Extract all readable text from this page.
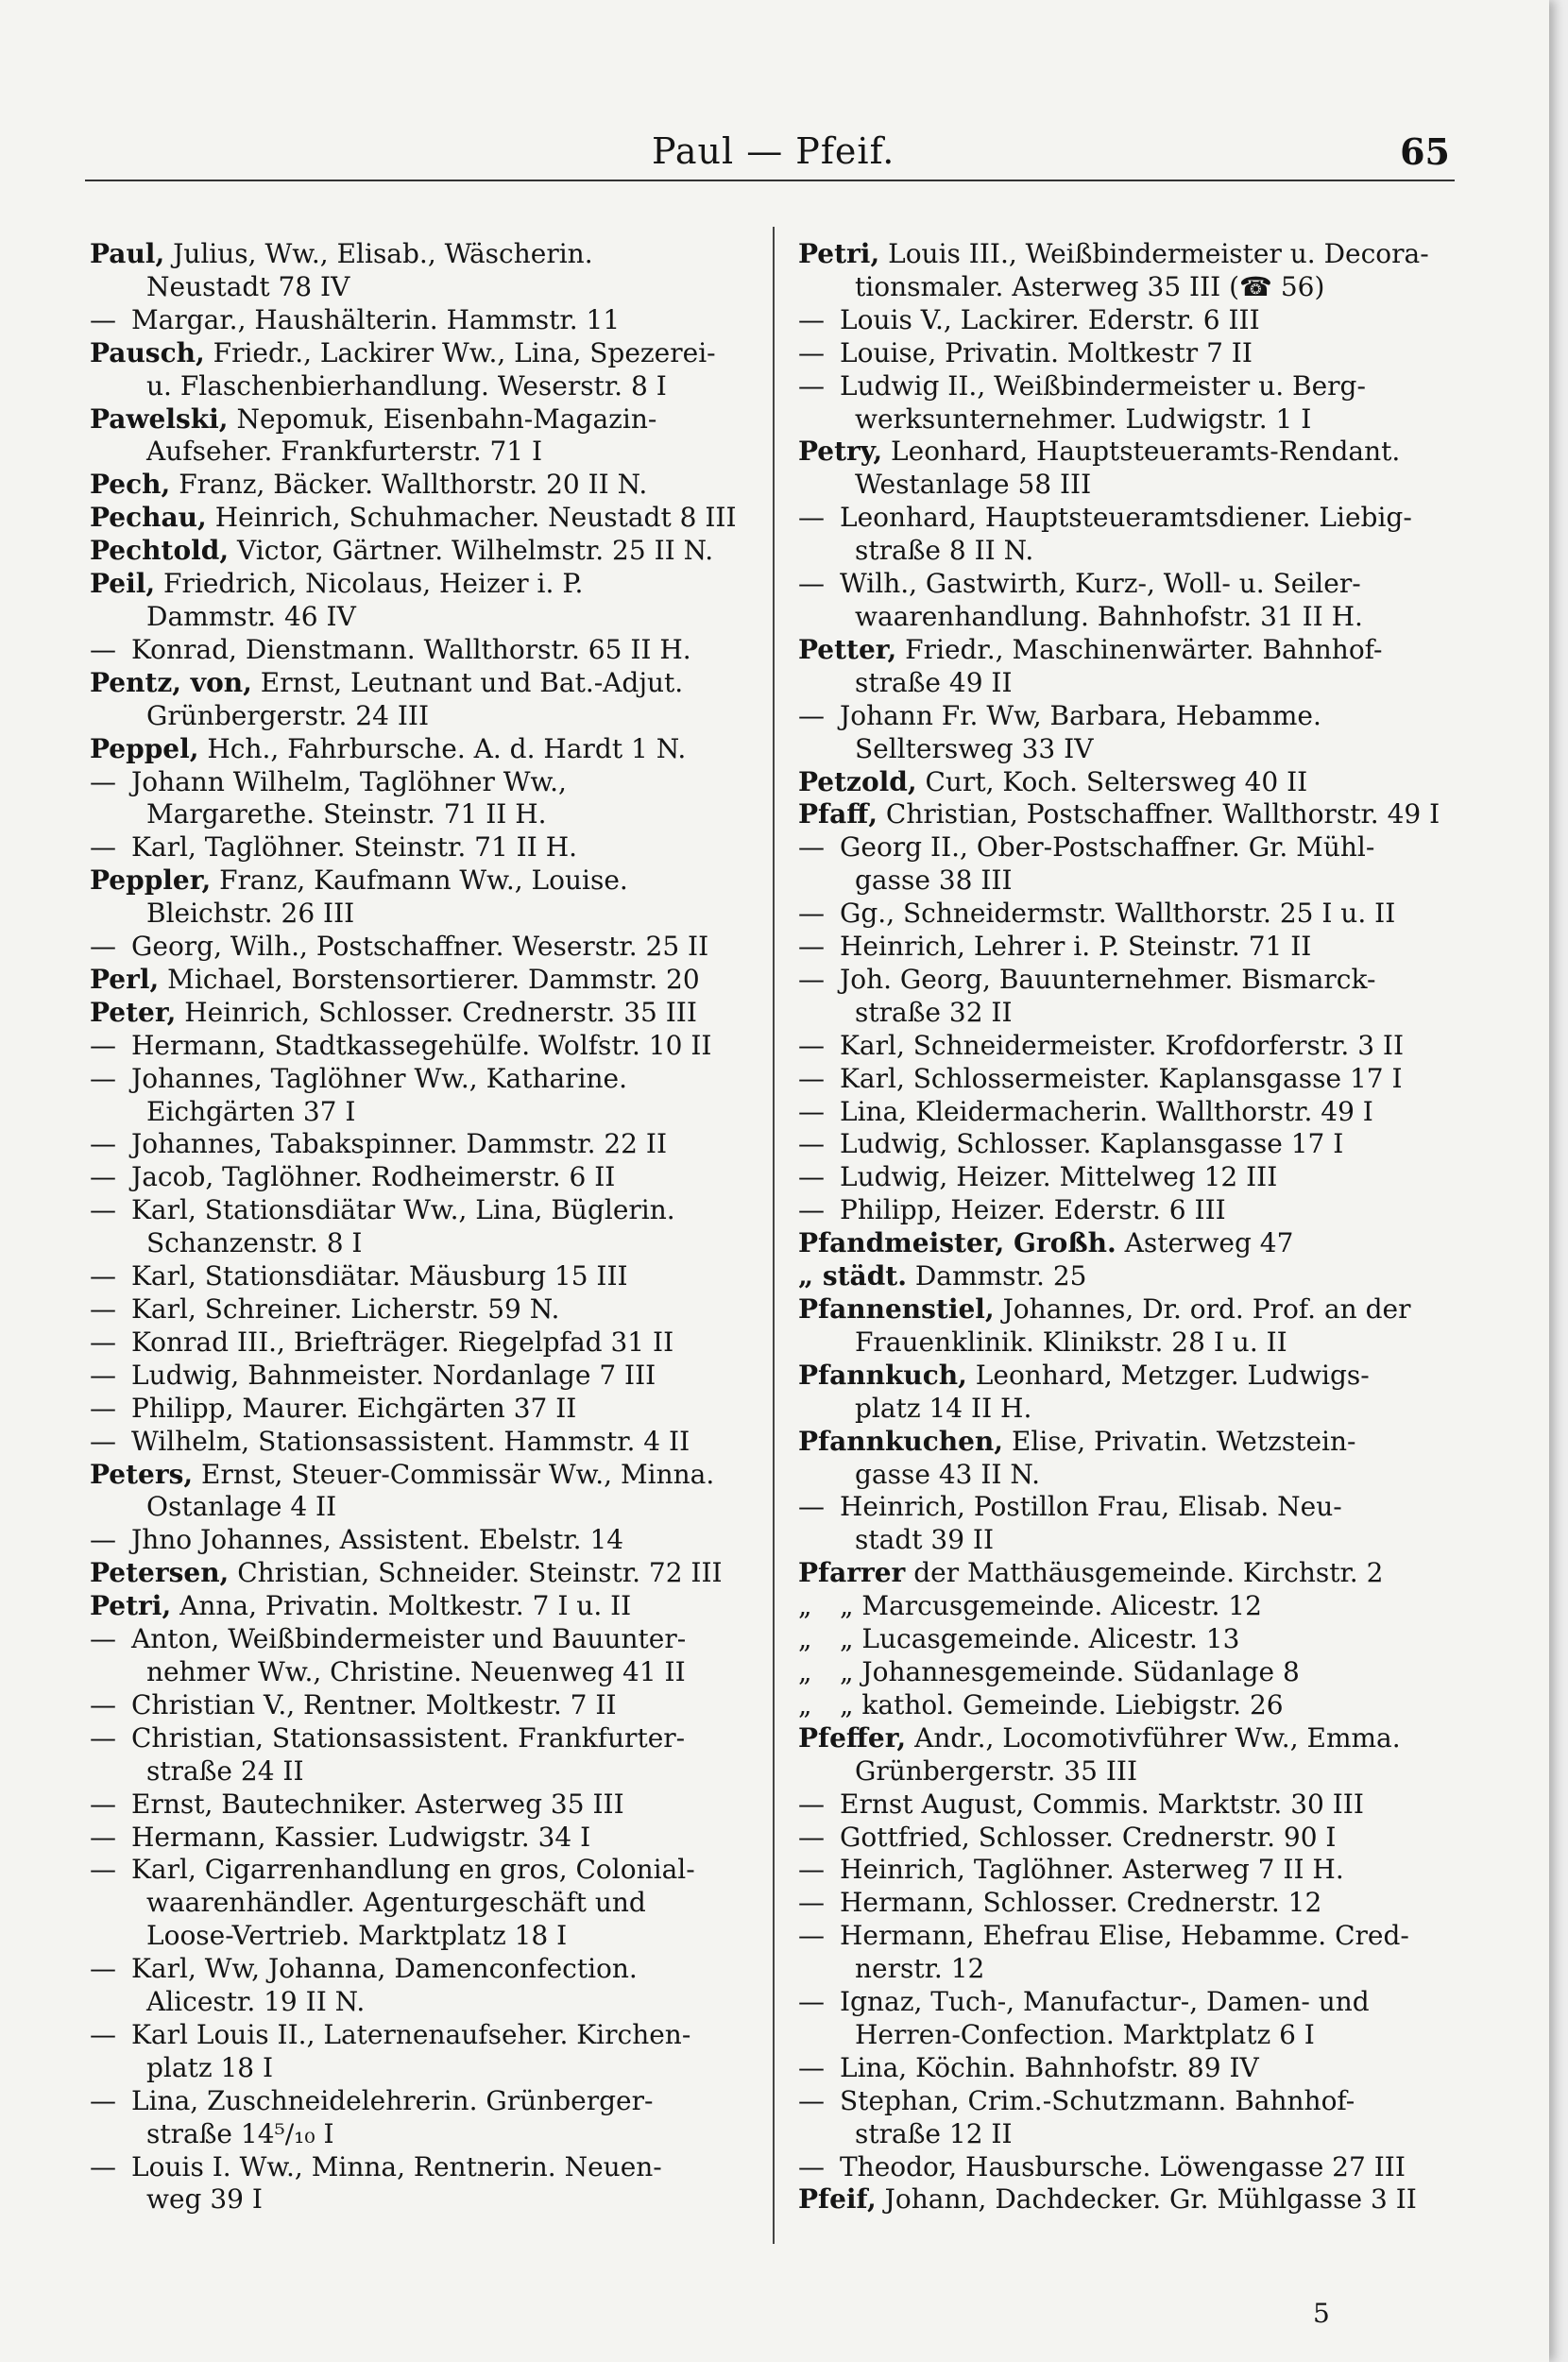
Paul — Pfeif.	65
Paul, Julius, Ww., Elisab., Wäscherin.
Neustadt 78 IV
— Margar., Haushälterin. Hammstr. 11
Pausch, Friedr., Lackirer Ww., Lina, Spezerei-
u. Flaschenbierhandlung. Weserstr. 8 I
Pawelski, Nepomuk, Eisenbahn-Magazin-
Aufseher. Frankfurterstr. 71 I
Pech, Franz, Bäcker. Wallthorstr. 20 II N.
Pechau, Heinrich, Schuhmacher. Neustadt 8 III
Pechtold, Victor, Gärtner. Wilhelmstr. 25 II N.
Peil, Friedrich, Nicolaus, Heizer i. P.
Dammstr. 46 IV
— Konrad, Dienstmann. Wallthorstr. 65 II H.
Pentz, von, Ernst, Leutnant und Bat.-Adjut.
Grünbergerstr. 24 III
Peppel, Hch., Fahrbursche. A. d. Hardt 1 N.
— Johann Wilhelm, Taglöhner Ww.,
Margarethe. Steinstr. 71 II H.
— Karl, Taglöhner. Steinstr. 71 II H.
Peppler, Franz, Kaufmann Ww., Louise.
Bleichstr. 26 III
— Georg, Wilh., Postschaffner. Weserstr. 25 II
Perl, Michael, Borstensortierer. Dammstr. 20
Peter, Heinrich, Schlosser. Crednerstr. 35 III
— Hermann, Stadtkassegehülfe. Wolfstr. 10 II
— Johannes, Taglöhner Ww., Katharine.
Eichgärten 37 I
— Johannes, Tabakspinner. Dammstr. 22 II
— Jacob, Taglöhner. Rodheimerstr. 6 II
— Karl, Stationsdiätar Ww., Lina, Büglerin.
Schanzenstr. 8 I
— Karl, Stationsdiätar. Mäusburg 15 III
— Karl, Schreiner. Licherstr. 59 N.
— Konrad III., Briefträger. Riegelpfad 31 II
— Ludwig, Bahnmeister. Nordanlage 7 III
— Philipp, Maurer. Eichgärten 37 II
— Wilhelm, Stationsassistent. Hammstr. 4 II
Peters, Ernst, Steuer-Commissär Ww., Minna.
Ostanlage 4 II
— Jhno Johannes, Assistent. Ebelstr. 14
Petersen, Christian, Schneider. Steinstr. 72 III
Petri, Anna, Privatin. Moltkestr. 7 I u. II
— Anton, Weißbindermeister und Bauunter-
nehmer Ww., Christine. Neuenweg 41 II
— Christian V., Rentner. Moltkestr. 7 II
— Christian, Stationsassistent. Frankfurter-
straße 24 II
— Ernst, Bautechniker. Asterweg 35 III
— Hermann, Kassier. Ludwigstr. 34 I
— Karl, Cigarrenhandlung en gros, Colonial-
waarenhändler. Agenturgeschäft und
Loose-Vertrieb. Marktplatz 18 I
— Karl, Ww, Johanna, Damenconfection.
Alicestr. 19 II N.
— Karl Louis II., Laternenaufseher. Kirchen-
platz 18 I
— Lina, Zuschneidelehrerin. Grünberger-
straße 14⁵/₁₀ I
— Louis I. Ww., Minna, Rentnerin. Neuen-
weg 39 I
Petri, Louis III., Weißbindermeister u. Decora-
tionsmaler. Asterweg 35 III (☎ 56)
— Louis V., Lackirer. Ederstr. 6 III
— Louise, Privatin. Moltkestr 7 II
— Ludwig II., Weißbindermeister u. Berg-
werksunternehmer. Ludwigstr. 1 I
Petry, Leonhard, Hauptsteueramts-Rendant.
Westanlage 58 III
— Leonhard, Hauptsteueramtsdiener. Liebig-
straße 8 II N.
— Wilh., Gastwirth, Kurz-, Woll- u. Seiler-
waarenhandlung. Bahnhofstr. 31 II H.
Petter, Friedr., Maschinenwärter. Bahnhof-
straße 49 II
— Johann Fr. Ww, Barbara, Hebamme.
Selltersweg 33 IV
Petzold, Curt, Koch. Seltersweg 40 II
Pfaff, Christian, Postschaffner. Wallthorstr. 49 I
— Georg II., Ober-Postschaffner. Gr. Mühl-
gasse 38 III
— Gg., Schneidermstr. Wallthorstr. 25 I u. II
— Heinrich, Lehrer i. P. Steinstr. 71 II
— Joh. Georg, Bauunternehmer. Bismarck-
straße 32 II
— Karl, Schneidermeister. Krofdorferstr. 3 II
— Karl, Schlossermeister. Kaplansgasse 17 I
— Lina, Kleidermacherin. Wallthorstr. 49 I
— Ludwig, Schlosser. Kaplansgasse 17 I
— Ludwig, Heizer. Mittelweg 12 III
— Philipp, Heizer. Ederstr. 6 III
Pfandmeister, Großh. Asterweg 47
„ städt. Dammstr. 25
Pfannenstiel, Johannes, Dr. ord. Prof. an der
Frauenklinik. Klinikstr. 28 I u. II
Pfannkuch, Leonhard, Metzger. Ludwigs-
platz 14 II H.
Pfannkuchen, Elise, Privatin. Wetzstein-
gasse 43 II N.
— Heinrich, Postillon Frau, Elisab. Neu-
stadt 39 II
Pfarrer der Matthäusgemeinde. Kirchstr. 2
„ „ Marcusgemeinde. Alicestr. 12
„ „ Lucasgemeinde. Alicestr. 13
„ „ Johannesgemeinde. Südanlage 8
„ „ kathol. Gemeinde. Liebigstr. 26
Pfeffer, Andr., Locomotivführer Ww., Emma.
Grünbergerstr. 35 III
— Ernst August, Commis. Marktstr. 30 III
— Gottfried, Schlosser. Crednerstr. 90 I
— Heinrich, Taglöhner. Asterweg 7 II H.
— Hermann, Schlosser. Crednerstr. 12
— Hermann, Ehefrau Elise, Hebamme. Cred-
nerstr. 12
— Ignaz, Tuch-, Manufactur-, Damen- und
Herren-Confection. Marktplatz 6 I
— Lina, Köchin. Bahnhofstr. 89 IV
— Stephan, Crim.-Schutzmann. Bahnhof-
straße 12 II
— Theodor, Hausbursche. Löwengasse 27 III
Pfeif, Johann, Dachdecker. Gr. Mühlgasse 3 II
5
